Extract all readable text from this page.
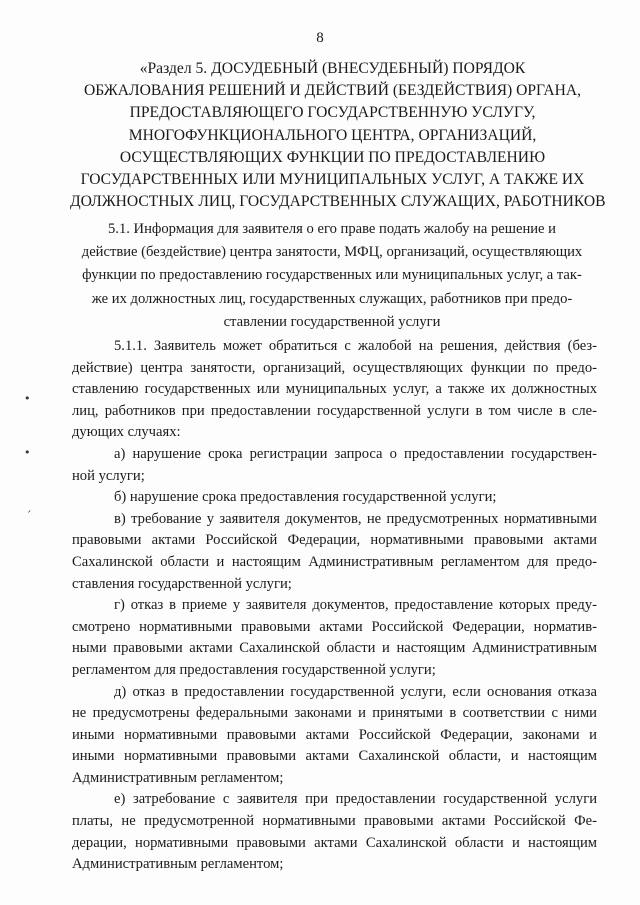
8
«Раздел 5. ДОСУДЕБНЫЙ (ВНЕСУДЕБНЫЙ) ПОРЯДОК
ОБЖАЛОВАНИЯ РЕШЕНИЙ И ДЕЙСТВИЙ (БЕЗДЕЙСТВИЯ) ОРГАНА,
ПРЕДОСТАВЛЯЮЩЕГО ГОСУДАРСТВЕННУЮ УСЛУГУ,
МНОГОФУНКЦИОНАЛЬНОГО ЦЕНТРА, ОРГАНИЗАЦИЙ,
ОСУЩЕСТВЛЯЮЩИХ ФУНКЦИИ ПО ПРЕДОСТАВЛЕНИЮ
ГОСУДАРСТВЕННЫХ ИЛИ МУНИЦИПАЛЬНЫХ УСЛУГ, А ТАКЖЕ ИХ
ДОЛЖНОСТНЫХ ЛИЦ, ГОСУДАРСТВЕННЫХ СЛУЖАЩИХ, РАБОТНИКОВ
5.1. Информация для заявителя о его праве подать жалобу на решение и
действие (бездействие) центра занятости, МФЦ, организаций, осуществляющих
функции по предоставлению государственных или муниципальных услуг, а так-
же их должностных лиц, государственных служащих, работников при предо-
ставлении государственной услуги
5.1.1. Заявитель может обратиться с жалобой на решения, действия (без-
действие) центра занятости, организаций, осуществляющих функции по предо-
ставлению государственных или муниципальных услуг, а также их должностных
лиц, работников при предоставлении государственной услуги в том числе в сле-
дующих случаях:
а) нарушение срока регистрации запроса о предоставлении государствен-
ной услуги;
б) нарушение срока предоставления государственной услуги;
в) требование у заявителя документов, не предусмотренных нормативными
правовыми актами Российской Федерации, нормативными правовыми актами
Сахалинской области и настоящим Административным регламентом для предо-
ставления государственной услуги;
г) отказ в приеме у заявителя документов, предоставление которых преду-
смотрено нормативными правовыми актами Российской Федерации, норматив-
ными правовыми актами Сахалинской области и настоящим Административным
регламентом для предоставления государственной услуги;
д) отказ в предоставлении государственной услуги, если основания отказа
не предусмотрены федеральными законами и принятыми в соответствии с ними
иными нормативными правовыми актами Российской Федерации, законами и
иными нормативными правовыми актами Сахалинской области, и настоящим
Административным регламентом;
е) затребование с заявителя при предоставлении государственной услуги
платы, не предусмотренной нормативными правовыми актами Российской Фе-
дерации, нормативными правовыми актами Сахалинской области и настоящим
Административным регламентом;
•
•
ˏ
